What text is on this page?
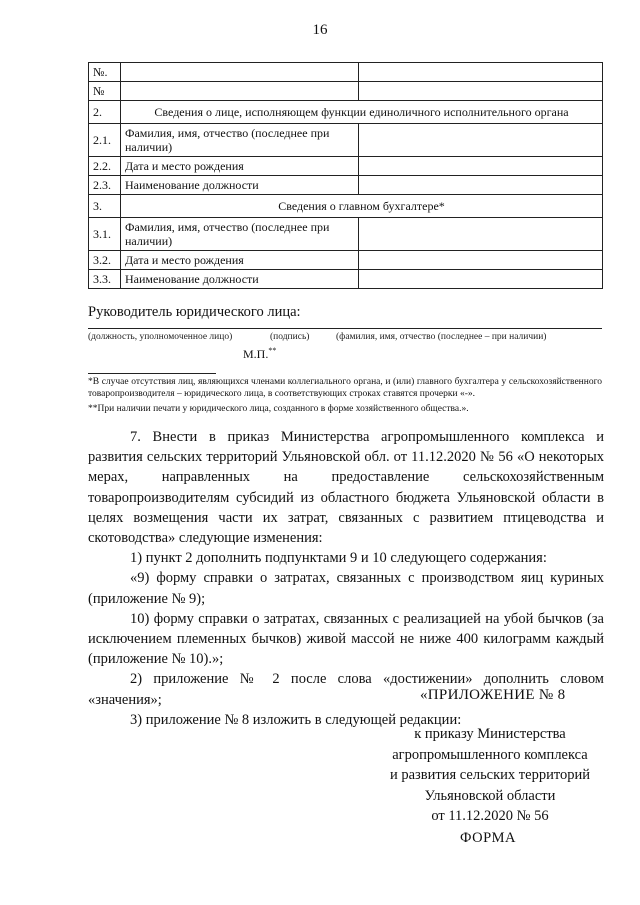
16
№.		
№		
2.	Сведения о лице, исполняющем функции единоличного исполнительного органа	
2.1.	Фамилия, имя, отчество (последнее при наличии)	
2.2.	Дата и место рождения	
2.3.	Наименование должности	
3.	Сведения о главном бухгалтере*	
3.1.	Фамилия, имя, отчество (последнее при наличии)	
3.2.	Дата и место рождения	
3.3.	Наименование должности	
Руководитель юридического лица:
(должность, уполномоченное лицо)	(подпись)	(фамилия, имя, отчество (последнее – при наличии)
М.П.**

*В случае отсутствия лиц, являющихся членами коллегиального органа, и (или) главного бухгалтера у сельскохозяйственного товаропроизводителя – юридического лица, в соответствующих строках ставятся прочерки «-».

**При наличии печати у юридического лица, созданного в форме хозяйственного общества.».

7. Внести в приказ Министерства агропромышленного комплекса и развития сельских территорий Ульяновской обл. от 11.12.2020 № 56 «О некоторых мерах, направленных на предоставление сельскохозяйственным товаропроизводителям субсидий из областного бюджета Ульяновской области в целях возмещения части их затрат, связанных с развитием птицеводства и скотоводства» следующие изменения:

1) пункт 2 дополнить подпунктами 9 и 10 следующего содержания:

«9) форму справки о затратах, связанных с производством яиц куриных (приложение № 9);

10) форму справки о затратах, связанных с реализацией на убой бычков (за исключением племенных бычков) живой массой не ниже 400 килограмм каждый (приложение № 10).»;

2) приложение № 2 после слова «достижении» дополнить словом «значения»;

3) приложение № 8 изложить в следующей редакции:

«ПРИЛОЖЕНИЕ № 8
к приказу Министерства
агропромышленного комплекса
и развития сельских территорий
Ульяновской области
от 11.12.2020 № 56
ФОРМА
